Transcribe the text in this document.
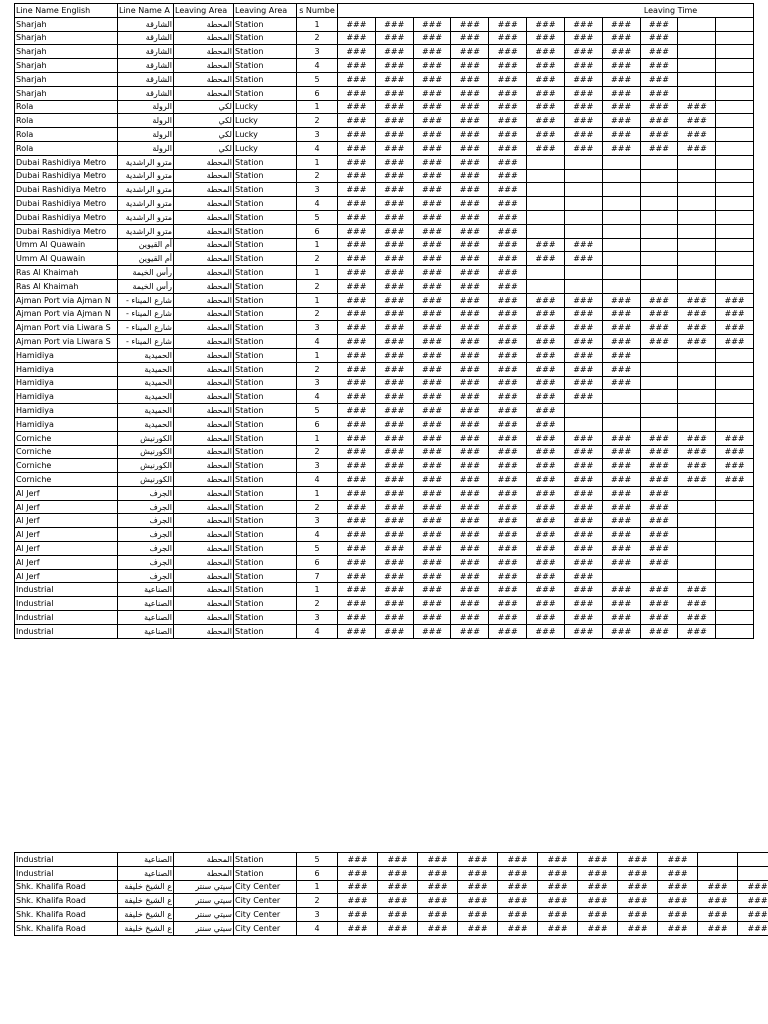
Line Name English	Line Name A	Leaving Area	Leaving Area	s Numbe	Leaving Time										
Sharjah	الشارقة	المحطة	Station	1	###	###	###	###	###	###	###	###	###		
Sharjah	الشارقة	المحطة	Station	2	###	###	###	###	###	###	###	###	###		
Sharjah	الشارقة	المحطة	Station	3	###	###	###	###	###	###	###	###	###		
Sharjah	الشارقة	المحطة	Station	4	###	###	###	###	###	###	###	###	###		
Sharjah	الشارقة	المحطة	Station	5	###	###	###	###	###	###	###	###	###		
Sharjah	الشارقة	المحطة	Station	6	###	###	###	###	###	###	###	###	###		
Rola	الرولة	لكي	Lucky	1	###	###	###	###	###	###	###	###	###	###	
Rola	الرولة	لكي	Lucky	2	###	###	###	###	###	###	###	###	###	###	
Rola	الرولة	لكي	Lucky	3	###	###	###	###	###	###	###	###	###	###	
Rola	الرولة	لكي	Lucky	4	###	###	###	###	###	###	###	###	###	###	
Dubai Rashidiya Metro	مترو الراشدية	المحطة	Station	1	###	###	###	###	###						
Dubai Rashidiya Metro	مترو الراشدية	المحطة	Station	2	###	###	###	###	###						
Dubai Rashidiya Metro	مترو الراشدية	المحطة	Station	3	###	###	###	###	###						
Dubai Rashidiya Metro	مترو الراشدية	المحطة	Station	4	###	###	###	###	###						
Dubai Rashidiya Metro	مترو الراشدية	المحطة	Station	5	###	###	###	###	###						
Dubai Rashidiya Metro	مترو الراشدية	المحطة	Station	6	###	###	###	###	###						
Umm Al Quawain	أم القيوين	المحطة	Station	1	###	###	###	###	###	###	###				
Umm Al Quawain	أم القيوين	المحطة	Station	2	###	###	###	###	###	###	###				
Ras Al Khaimah	رأس الخيمة	المحطة	Station	1	###	###	###	###	###						
Ras Al Khaimah	رأس الخيمة	المحطة	Station	2	###	###	###	###	###						
Ajman Port via Ajman N	شارع الميناء -	المحطة	Station	1	###	###	###	###	###	###	###	###	###	###	###
Ajman Port via Ajman N	شارع الميناء -	المحطة	Station	2	###	###	###	###	###	###	###	###	###	###	###
Ajman Port via Liwara S	شارع الميناء -	المحطة	Station	3	###	###	###	###	###	###	###	###	###	###	###
Ajman Port via Liwara S	شارع الميناء -	المحطة	Station	4	###	###	###	###	###	###	###	###	###	###	###
Hamidiya	الحميدية	المحطة	Station	1	###	###	###	###	###	###	###	###			
Hamidiya	الحميدية	المحطة	Station	2	###	###	###	###	###	###	###	###			
Hamidiya	الحميدية	المحطة	Station	3	###	###	###	###	###	###	###	###			
Hamidiya	الحميدية	المحطة	Station	4	###	###	###	###	###	###	###				
Hamidiya	الحميدية	المحطة	Station	5	###	###	###	###	###	###					
Hamidiya	الحميدية	المحطة	Station	6	###	###	###	###	###	###					
Corniche	الكورنيش	المحطة	Station	1	###	###	###	###	###	###	###	###	###	###	###
Corniche	الكورنيش	المحطة	Station	2	###	###	###	###	###	###	###	###	###	###	###
Corniche	الكورنيش	المحطة	Station	3	###	###	###	###	###	###	###	###	###	###	###
Corniche	الكورنيش	المحطة	Station	4	###	###	###	###	###	###	###	###	###	###	###
Al Jerf	الجرف	المحطة	Station	1	###	###	###	###	###	###	###	###	###		
Al Jerf	الجرف	المحطة	Station	2	###	###	###	###	###	###	###	###	###		
Al Jerf	الجرف	المحطة	Station	3	###	###	###	###	###	###	###	###	###		
Al Jerf	الجرف	المحطة	Station	4	###	###	###	###	###	###	###	###	###		
Al Jerf	الجرف	المحطة	Station	5	###	###	###	###	###	###	###	###	###		
Al Jerf	الجرف	المحطة	Station	6	###	###	###	###	###	###	###	###	###		
Al Jerf	الجرف	المحطة	Station	7	###	###	###	###	###	###	###				
Industrial	الصناعية	المحطة	Station	1	###	###	###	###	###	###	###	###	###	###	
Industrial	الصناعية	المحطة	Station	2	###	###	###	###	###	###	###	###	###	###	
Industrial	الصناعية	المحطة	Station	3	###	###	###	###	###	###	###	###	###	###	
Industrial	الصناعية	المحطة	Station	4	###	###	###	###	###	###	###	###	###	###	
Industrial	الصناعية	المحطة	Station	5	###	###	###	###	###	###	###	###	###		
Industrial	الصناعية	المحطة	Station	6	###	###	###	###	###	###	###	###	###		
Shk. Khalifa Road	ع الشيخ خليفة	سيتي سنتر	City Center	1	###	###	###	###	###	###	###	###	###	###	###
Shk. Khalifa Road	ع الشيخ خليفة	سيتي سنتر	City Center	2	###	###	###	###	###	###	###	###	###	###	###
Shk. Khalifa Road	ع الشيخ خليفة	سيتي سنتر	City Center	3	###	###	###	###	###	###	###	###	###	###	###
Shk. Khalifa Road	ع الشيخ خليفة	سيتي سنتر	City Center	4	###	###	###	###	###	###	###	###	###	###	###
